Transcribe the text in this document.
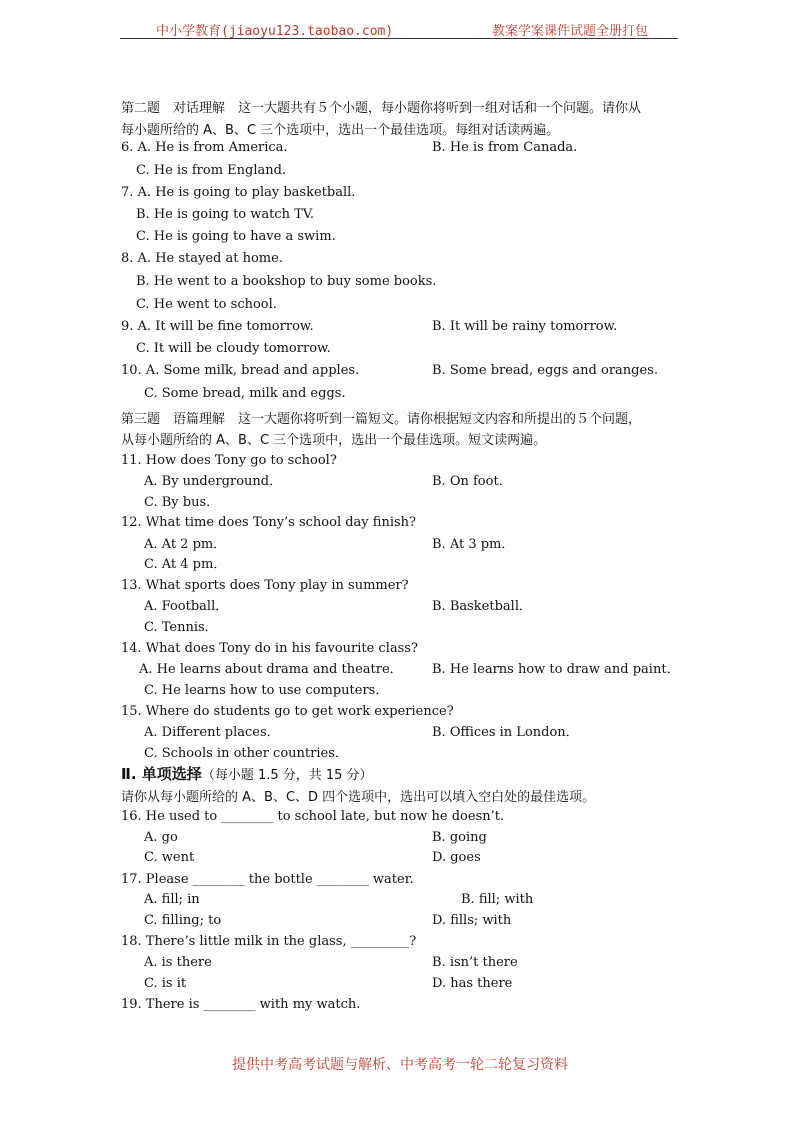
中小学教育(jiaoyu123.taobao.com)	教案学案课件试题全册打包
第二题　对话理解　这一大题共有５个小题，每小题你将听到一组对话和一个问题。请你从
每小题所给的 A、B、C 三个选项中，选出一个最佳选项。每组对话读两遍。
6. A. He is from America.	B. He is from Canada.
C. He is from England.
7. A. He is going to play basketball.
B. He is going to watch TV.
C. He is going to have a swim.
8. A. He stayed at home.
B. He went to a bookshop to buy some books.
C. He went to school.
9. A. It will be fine tomorrow.	B. It will be rainy tomorrow.
C. It will be cloudy tomorrow.
10. A. Some milk, bread and apples.	B. Some bread, eggs and oranges.
C. Some bread, milk and eggs.
第三题　语篇理解　这一大题你将听到一篇短文。请你根据短文内容和所提出的５个问题，
从每小题所给的 A、B、C 三个选项中，选出一个最佳选项。短文读两遍。
11. How does Tony go to school?
A. By underground．	B. On foot．
C. By bus．
12. What time does Tony’s school day finish?
A. At 2 pm．	B. At 3 pm．
C. At 4 pm．
13. What sports does Tony play in summer?
A. Football．	B. Basketball．
C. Tennis．
14. What does Tony do in his favourite class?
A. He learns about drama and theatre． B. He learns how to draw and paint．
C. He learns how to use computers．
15. Where do students go to get work experience?
A. Different places．	B. Offices in London．
C. Schools in other countries．
Ⅱ. 单项选择（每小题 1.5 分，共 15 分）
请你从每小题所给的 A、B、C、D 四个选项中，选出可以填入空白处的最佳选项。
16. He used to ________ to school late, but now he doesn’t.
A. go	B. going
C. went	D. goes
17. Please ________ the bottle ________ water.
A. fill; in	B. fill; with
C. filling; to	D. fills; with
18. There’s little milk in the glass, _________?
A. is there	B. isn’t there
C. is it	D. has there
19. There is ________ with my watch.
提供中考高考试题与解析、中考高考一轮二轮复习资料
